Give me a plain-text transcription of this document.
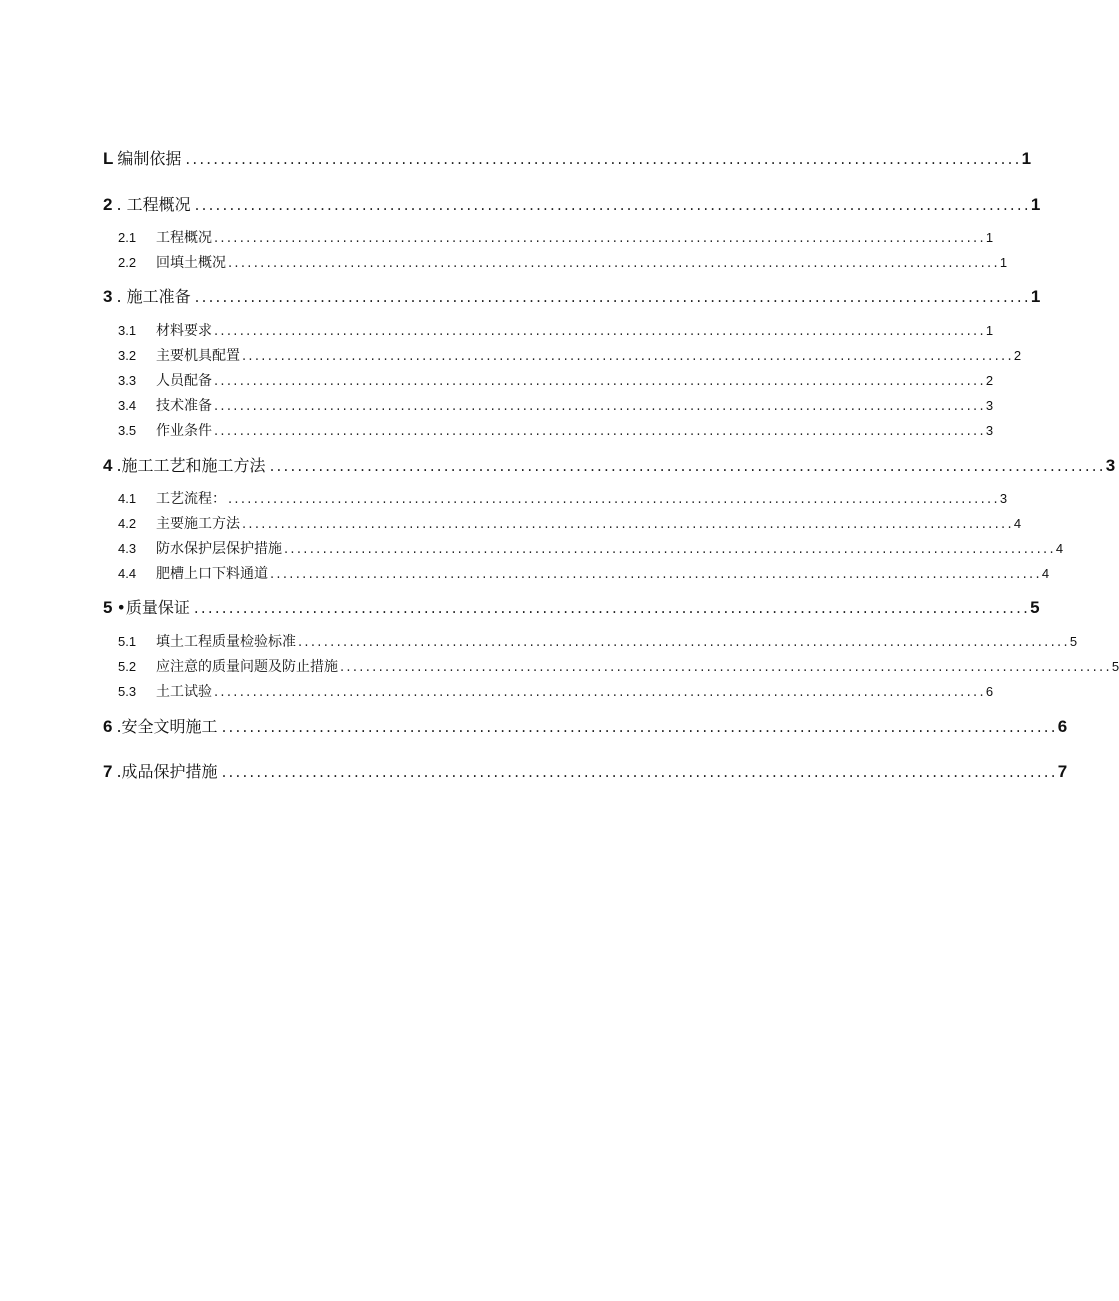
L 编制依据 ........................................................................................................................ 1
2 . 工程概况 ........................................................................................................................ 1
2.1	工程概况 ........................................................................................................................ 1
2.2	回填土概况 ........................................................................................................................ 1
3 . 施工准备 ........................................................................................................................ 1
3.1	材料要求 ........................................................................................................................ 1
3.2	主要机具配置 ........................................................................................................................ 2
3.3	人员配备 ........................................................................................................................ 2
3.4	技术准备 ........................................................................................................................ 3
3.5	作业条件 ........................................................................................................................ 3
4 .施工工艺和施工方法 ........................................................................................................................ 3
4.1	工艺流程： ........................................................................................................................ 3
4.2	主要施工方法 ........................................................................................................................ 4
4.3	防水保护层保护措施 ........................................................................................................................ 4
4.4	肥槽上口下料通道 ........................................................................................................................ 4
5 •质量保证 ........................................................................................................................ 5
5.1	填土工程质量检验标准 ........................................................................................................................ 5
5.2	应注意的质量问题及防止措施 ........................................................................................................................ 5
5.3	土工试验 ........................................................................................................................ 6
6 .安全文明施工 ........................................................................................................................ 6
7 .成品保护措施 ........................................................................................................................ 7
